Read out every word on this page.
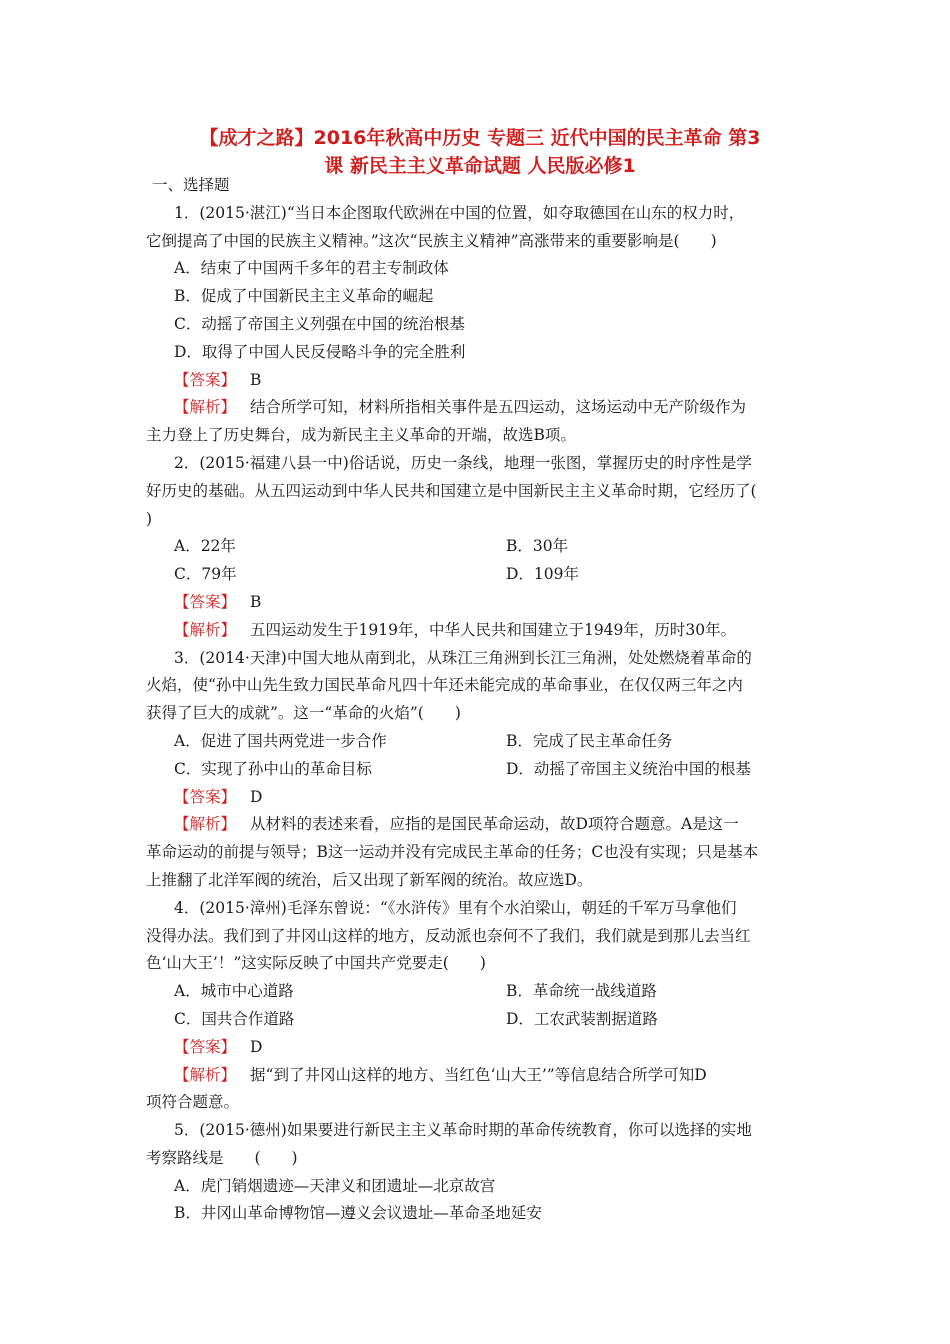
【成才之路】2016年秋高中历史 专题三 近代中国的民主革命 第3
课 新民主主义革命试题 人民版必修1
一、选择题
1．(2015·湛江)“当日本企图取代欧洲在中国的位置，如夺取德国在山东的权力时，
它倒提高了中国的民族主义精神。”这次“民族主义精神”高涨带来的重要影响是(　　)
A．结束了中国两千多年的君主专制政体
B．促成了中国新民主主义革命的崛起
C．动摇了帝国主义列强在中国的统治根基
D．取得了中国人民反侵略斗争的完全胜利
【答案】 B
【解析】 结合所学可知，材料所指相关事件是五四运动，这场运动中无产阶级作为
主力登上了历史舞台，成为新民主主义革命的开端，故选B项。
2．(2015·福建八县一中)俗话说，历史一条线，地理一张图，掌握历史的时序性是学
好历史的基础。从五四运动到中华人民共和国建立是中国新民主主义革命时期，它经历了(
)
A．22年	B．30年
C．79年	D．109年
【答案】 B
【解析】 五四运动发生于1919年，中华人民共和国建立于1949年，历时30年。
3．(2014·天津)中国大地从南到北，从珠江三角洲到长江三角洲，处处燃烧着革命的
火焰，使“孙中山先生致力国民革命凡四十年还未能完成的革命事业，在仅仅两三年之内
获得了巨大的成就”。这一“革命的火焰”(　　)
A．促进了国共两党进一步合作	B．完成了民主革命任务
C．实现了孙中山的革命目标	D．动摇了帝国主义统治中国的根基
【答案】 D
【解析】 从材料的表述来看，应指的是国民革命运动，故D项符合题意。A是这一
革命运动的前提与领导；B这一运动并没有完成民主革命的任务；C也没有实现；只是基本
上推翻了北洋军阀的统治，后又出现了新军阀的统治。故应选D。
4．(2015·漳州)毛泽东曾说：“《水浒传》里有个水泊梁山，朝廷的千军万马拿他们
没得办法。我们到了井冈山这样的地方，反动派也奈何不了我们，我们就是到那儿去当红
色‘山大王’！”这实际反映了中国共产党要走(　　)
A．城市中心道路	B．革命统一战线道路
C．国共合作道路	D．工农武装割据道路
【答案】 D
【解析】 据“到了井冈山这样的地方、当红色‘山大王’”等信息结合所学可知D
项符合题意。
5．(2015·德州)如果要进行新民主主义革命时期的革命传统教育，你可以选择的实地
考察路线是　　(　　)
A．虎门销烟遗迹—天津义和团遗址—北京故宫
B．井冈山革命博物馆—遵义会议遗址—革命圣地延安
